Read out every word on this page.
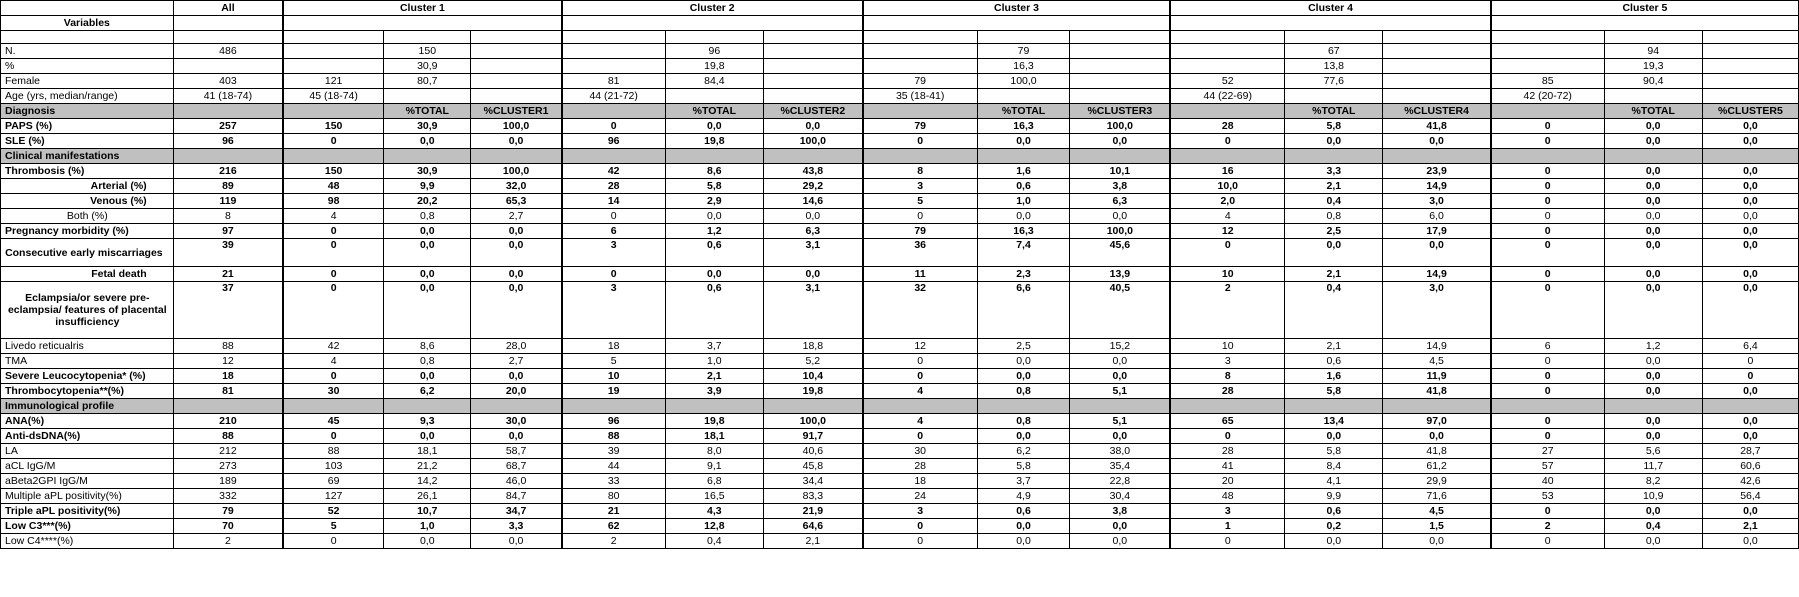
	All	Cluster 1			Cluster 2			Cluster 3			Cluster 4			Cluster 5		
Variables																

N.	486		150			96			79			67			94	
%			30,9			19,8			16,3			13,8			19,3	
Female	403	121	80,7		81	84,4		79	100,0		52	77,6		85	90,4	
Age (yrs, median/range)	41 (18-74)	45 (18-74)			44 (21-72)			35 (18-41)			44 (22-69)			42 (20-72)		
Diagnosis			%TOTAL	%CLUSTER1		%TOTAL	%CLUSTER2		%TOTAL	%CLUSTER3		%TOTAL	%CLUSTER4		%TOTAL	%CLUSTER5
PAPS (%)	257	150	30,9	100,0	0	0,0	0,0	79	16,3	100,0	28	5,8	41,8	0	0,0	0,0
SLE (%)	96	0	0,0	0,0	96	19,8	100,0	0	0,0	0,0	0	0,0	0,0	0	0,0	0,0
Clinical manifestations																
Thrombosis (%)	216	150	30,9	100,0	42	8,6	43,8	8	1,6	10,1	16	3,3	23,9	0	0,0	0,0
Arterial (%)	89	48	9,9	32,0	28	5,8	29,2	3	0,6	3,8	10,0	2,1	14,9	0	0,0	0,0
Venous (%)	119	98	20,2	65,3	14	2,9	14,6	5	1,0	6,3	2,0	0,4	3,0	0	0,0	0,0
Both (%)	8	4	0,8	2,7	0	0,0	0,0	0	0,0	0,0	4	0,8	6,0	0	0,0	0,0
Pregnancy morbidity (%)	97	0	0,0	0,0	6	1,2	6,3	79	16,3	100,0	12	2,5	17,9	0	0,0	0,0
Consecutive early miscarriages	39	0	0,0	0,0	3	0,6	3,1	36	7,4	45,6	0	0,0	0,0	0	0,0	0,0
Fetal death	21	0	0,0	0,0	0	0,0	0,0	11	2,3	13,9	10	2,1	14,9	0	0,0	0,0
Eclampsia/or severe pre-eclampsia/ features of placental insufficiency	37	0	0,0	0,0	3	0,6	3,1	32	6,6	40,5	2	0,4	3,0	0	0,0	0,0
Livedo reticualris	88	42	8,6	28,0	18	3,7	18,8	12	2,5	15,2	10	2,1	14,9	6	1,2	6,4
TMA	12	4	0,8	2,7	5	1,0	5,2	0	0,0	0,0	3	0,6	4,5	0	0,0	0
Severe Leucocytopenia* (%)	18	0	0,0	0,0	10	2,1	10,4	0	0,0	0,0	8	1,6	11,9	0	0,0	0
Thrombocytopenia**(%)	81	30	6,2	20,0	19	3,9	19,8	4	0,8	5,1	28	5,8	41,8	0	0,0	0,0
Immunological profile																
ANA(%)	210	45	9,3	30,0	96	19,8	100,0	4	0,8	5,1	65	13,4	97,0	0	0,0	0,0
Anti-dsDNA(%)	88	0	0,0	0,0	88	18,1	91,7	0	0,0	0,0	0	0,0	0,0	0	0,0	0,0
LA	212	88	18,1	58,7	39	8,0	40,6	30	6,2	38,0	28	5,8	41,8	27	5,6	28,7
aCL IgG/M	273	103	21,2	68,7	44	9,1	45,8	28	5,8	35,4	41	8,4	61,2	57	11,7	60,6
aBeta2GPI IgG/M	189	69	14,2	46,0	33	6,8	34,4	18	3,7	22,8	20	4,1	29,9	40	8,2	42,6
Multiple aPL positivity(%)	332	127	26,1	84,7	80	16,5	83,3	24	4,9	30,4	48	9,9	71,6	53	10,9	56,4
Triple aPL positivity(%)	79	52	10,7	34,7	21	4,3	21,9	3	0,6	3,8	3	0,6	4,5	0	0,0	0,0
Low C3***(%)	70	5	1,0	3,3	62	12,8	64,6	0	0,0	0,0	1	0,2	1,5	2	0,4	2,1
Low C4****(%)	2	0	0,0	0,0	2	0,4	2,1	0	0,0	0,0	0	0,0	0,0	0	0,0	0,0
